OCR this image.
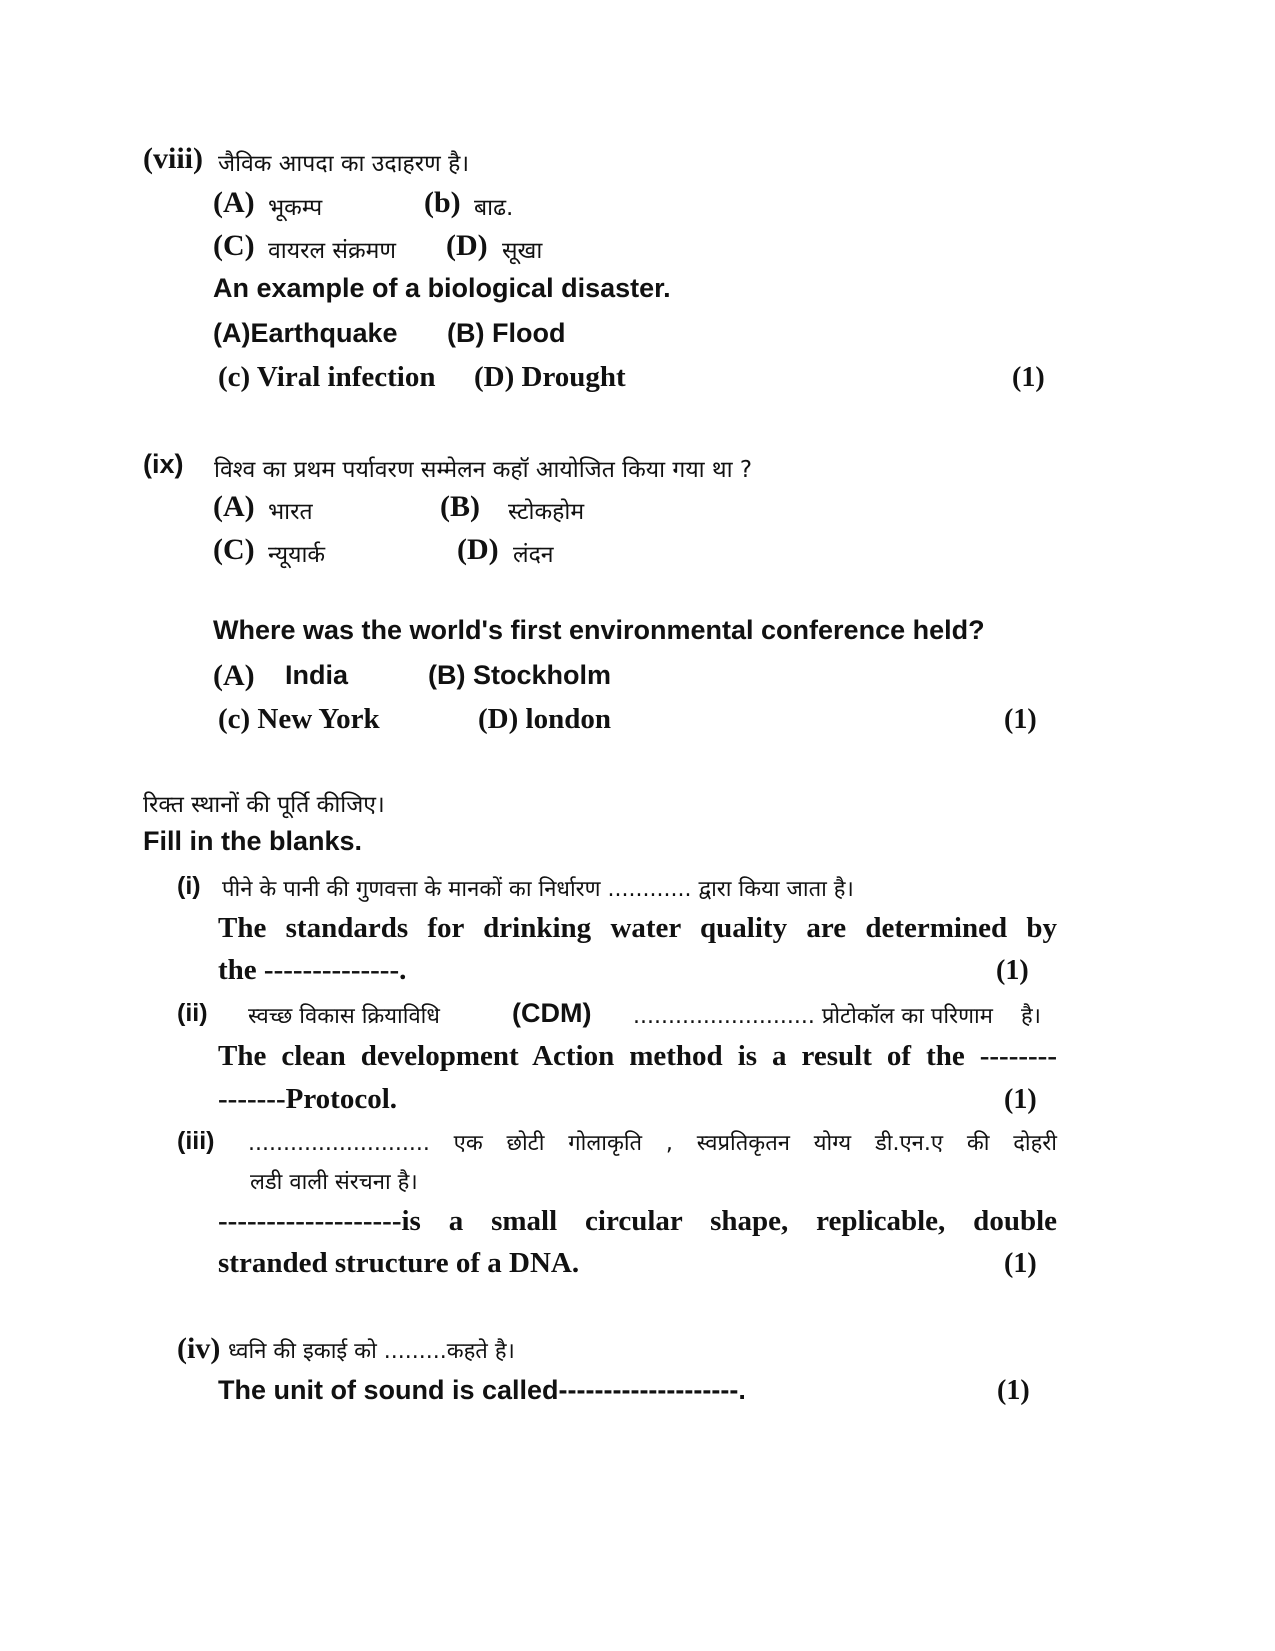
(viii) जैविक आपदा का उदाहरण है।
(A) भूकम्प	(b) बाढ.
(C) वायरल संक्रमण (D) सूखा
An example of a biological disaster.
(A)Earthquake (B) Flood
(c) Viral infection (D) Drought	(1)
(ix) विश्व का प्रथम पर्यावरण सम्मेलन कहॉ आयोजित किया गया था ?
(A) भारत	(B) स्टोकहोम
(C) न्यूयार्क	(D) लंदन
Where was the world's first environmental conference held?
(A) India	(B) Stockholm
(c) New York	(D) london	(1)
रिक्त स्थानों की पूर्ति कीजिए।
Fill in the blanks.
(i) पीने के पानी की गुणवत्ता के मानकों का निर्धारण ............ द्वारा किया जाता है।
The standards for drinking water quality are determined by
the --------------.	(1)
(ii) स्वच्छ विकास क्रियाविधि	(CDM) .......................... प्रोटोकॉल का परिणाम है।
The clean development Action method is a result of the --------
-------Protocol.	(1)
(iii) .......................... एक छोटी गोलाकृति , स्वप्रतिकृतन योग्य डी.एन.ए की दोहरी
लडी वाली संरचना है।
-------------------is a small circular shape, replicable, double
stranded structure of a DNA.	(1)
(iv) ध्वनि की इकाई को .........कहते है।
The unit of sound is called--------------------.	(1)
